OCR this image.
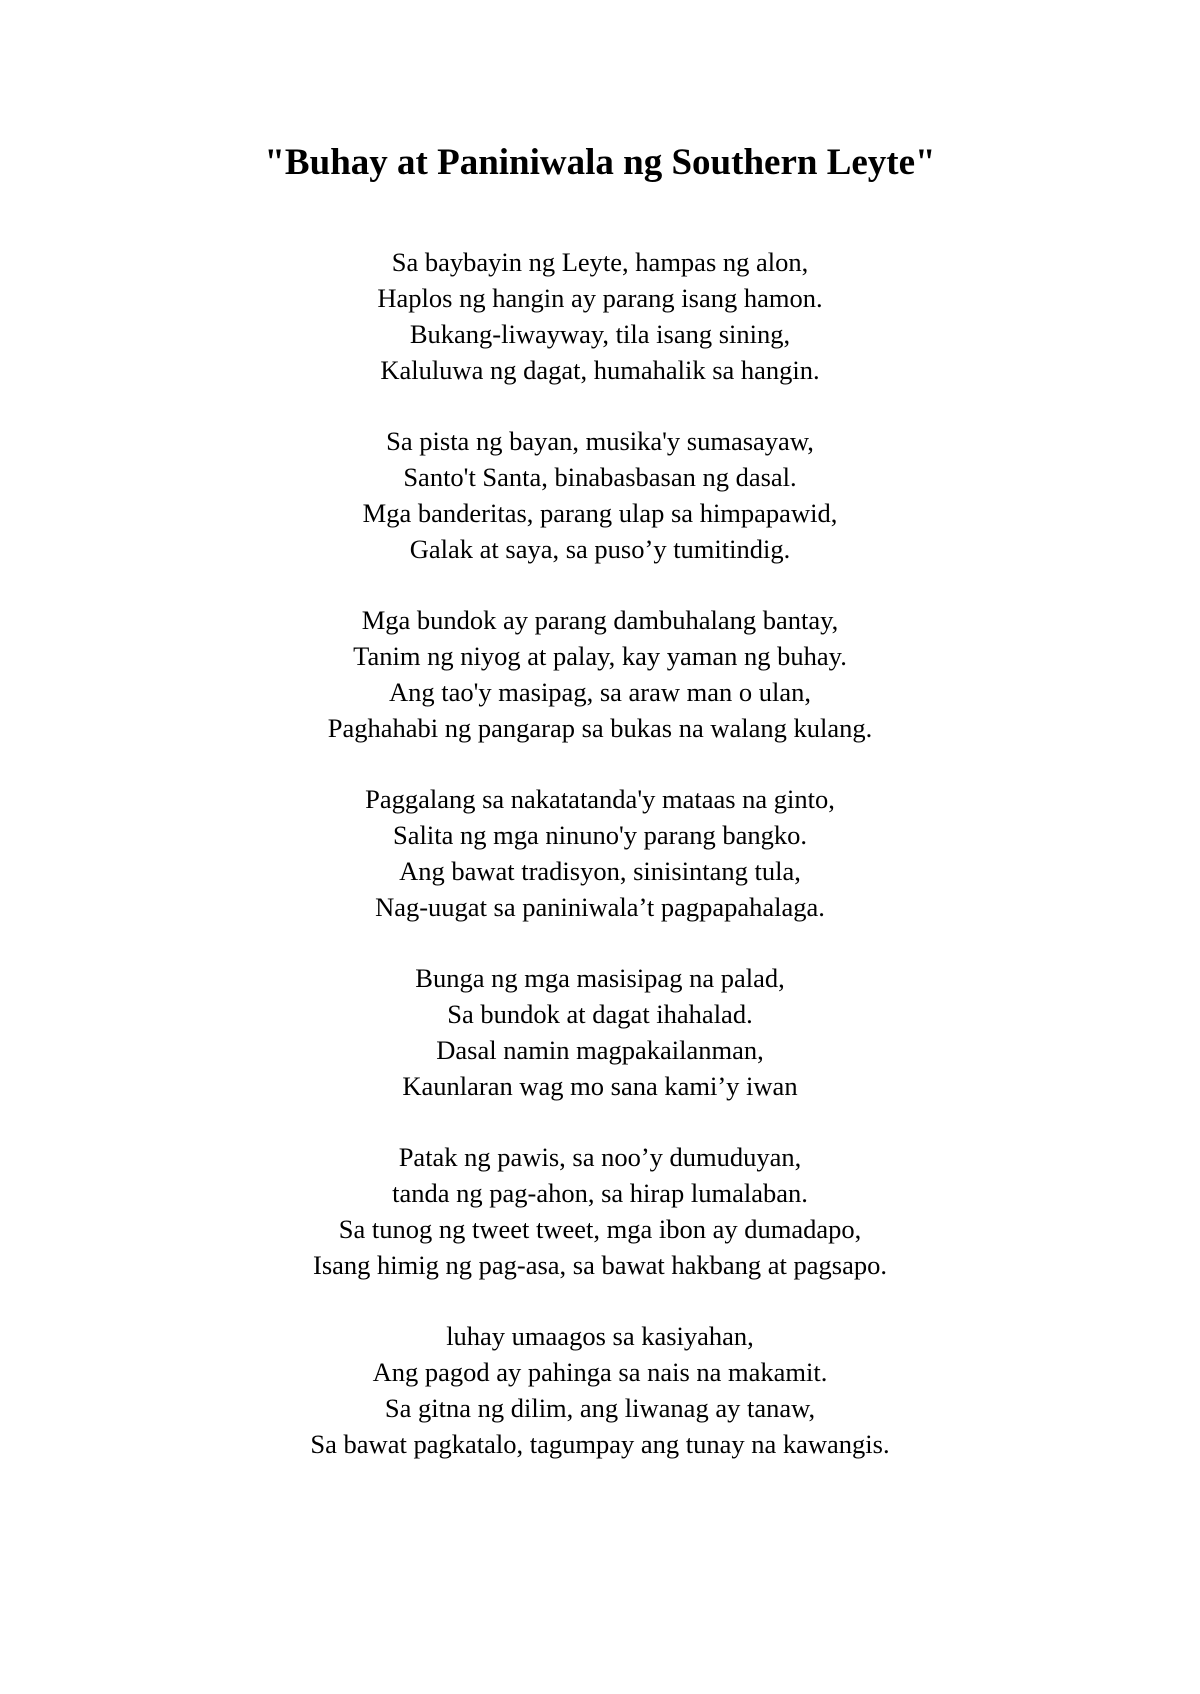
"Buhay at Paniniwala ng Southern Leyte"
Sa baybayin ng Leyte, hampas ng alon,
Haplos ng hangin ay parang isang hamon.
Bukang-liwayway, tila isang sining,
Kaluluwa ng dagat, humahalik sa hangin.
Sa pista ng bayan, musika'y sumasayaw,
Santo't Santa, binabasbasan ng dasal.
Mga banderitas, parang ulap sa himpapawid,
Galak at saya, sa puso’y tumitindig.
Mga bundok ay parang dambuhalang bantay,
Tanim ng niyog at palay, kay yaman ng buhay.
Ang tao'y masipag, sa araw man o ulan,
Paghahabi ng pangarap sa bukas na walang kulang.
Paggalang sa nakatatanda'y mataas na ginto,
Salita ng mga ninuno'y parang bangko.
Ang bawat tradisyon, sinisintang tula,
Nag-uugat sa paniniwala’t pagpapahalaga.
Bunga ng mga masisipag na palad,
Sa bundok at dagat ihahalad.
Dasal namin magpakailanman,
Kaunlaran wag mo sana kami’y iwan
Patak ng pawis, sa noo’y dumuduyan,
tanda ng pag-ahon, sa hirap lumalaban.
Sa tunog ng tweet tweet, mga ibon ay dumadapo,
Isang himig ng pag-asa, sa bawat hakbang at pagsapo.
luhay umaagos sa kasiyahan,
Ang pagod ay pahinga sa nais na makamit.
Sa gitna ng dilim, ang liwanag ay tanaw,
Sa bawat pagkatalo, tagumpay ang tunay na kawangis.
